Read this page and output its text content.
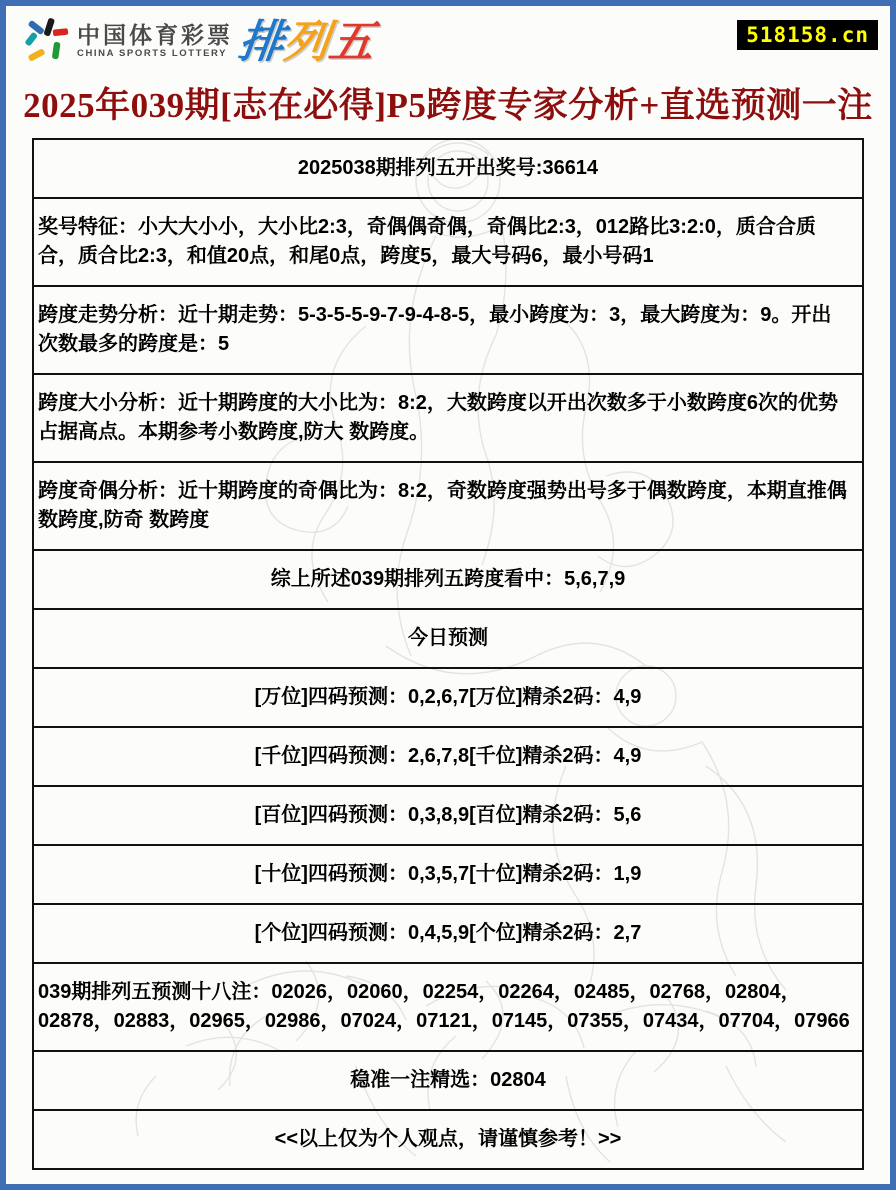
中国体育彩票
CHINA SPORTS LOTTERY 排列五	518158.cn
2025年039期[志在必得]P5跨度专家分析+直选预测一注
2025038期排列五开出奖号:36614
奖号特征：小大大小小，大小比2:3，奇偶偶奇偶，奇偶比2:3，012路比3:2:0，质合合质合，质合比2:3，和值20点，和尾0点，跨度5，最大号码6，最小号码1
跨度走势分析：近十期走势：5-3-5-5-9-7-9-4-8-5，最小跨度为：3，最大跨度为：9。开出次数最多的跨度是：5
跨度大小分析：近十期跨度的大小比为：8:2，大数跨度以开出次数多于小数跨度6次的优势占据高点。本期参考小数跨度,防大 数跨度。
跨度奇偶分析：近十期跨度的奇偶比为：8:2，奇数跨度强势出号多于偶数跨度，本期直推偶数跨度,防奇 数跨度
综上所述039期排列五跨度看中：5,6,7,9
今日预测
[万位]四码预测：0,2,6,7[万位]精杀2码：4,9
[千位]四码预测：2,6,7,8[千位]精杀2码：4,9
[百位]四码预测：0,3,8,9[百位]精杀2码：5,6
[十位]四码预测：0,3,5,7[十位]精杀2码：1,9
[个位]四码预测：0,4,5,9[个位]精杀2码：2,7
039期排列五预测十八注：02026，02060，02254，02264，02485，02768，02804，02878，02883，02965，02986，07024，07121，07145，07355，07434，07704，07966
稳准一注精选：02804
<<以上仅为个人观点，请谨慎参考！>>
